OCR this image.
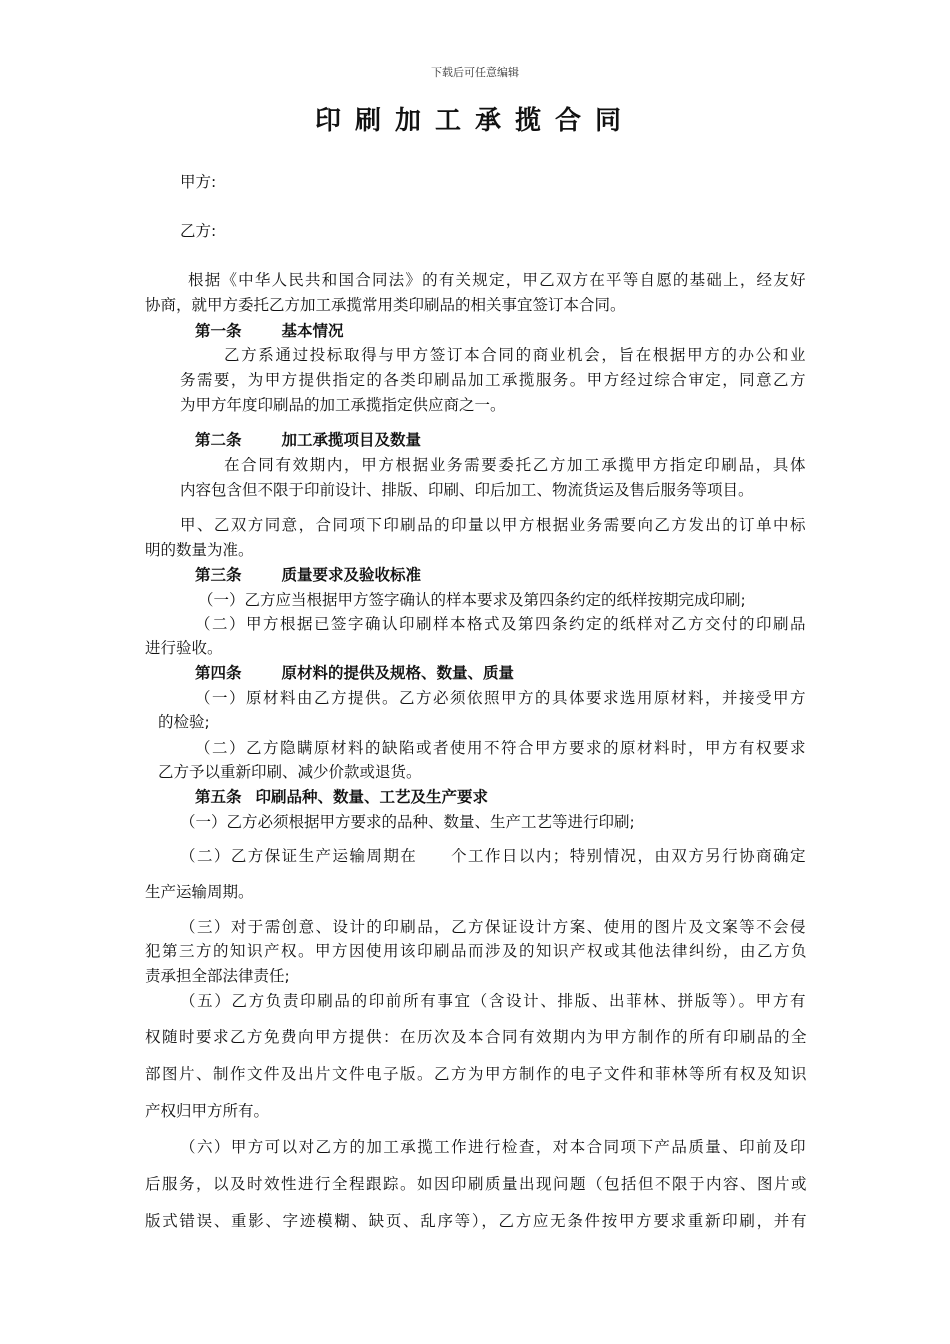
下载后可任意编辑
印刷加工承揽合同
甲方:
乙方:
根据《中华人民共和国合同法》的有关规定，甲乙双方在平等自愿的基础上，经友好
协商，就甲方委托乙方加工承揽常用类印刷品的相关事宜签订本合同。
第一条	基本情况
乙方系通过投标取得与甲方签订本合同的商业机会，旨在根据甲方的办公和业
务需要，为甲方提供指定的各类印刷品加工承揽服务。甲方经过综合审定，同意乙方
为甲方年度印刷品的加工承揽指定供应商之一。
第二条	加工承揽项目及数量
在合同有效期内，甲方根据业务需要委托乙方加工承揽甲方指定印刷品，具体
内容包含但不限于印前设计、排版、印刷、印后加工、物流货运及售后服务等项目。
甲、乙双方同意，合同项下印刷品的印量以甲方根据业务需要向乙方发出的订单中标
明的数量为准。
第三条	质量要求及验收标准
（一）乙方应当根据甲方签字确认的样本要求及第四条约定的纸样按期完成印刷;
（二）甲方根据已签字确认印刷样本格式及第四条约定的纸样对乙方交付的印刷品
进行验收。
第四条	原材料的提供及规格、数量、质量
（一）原材料由乙方提供。乙方必须依照甲方的具体要求选用原材料，并接受甲方
的检验;
（二）乙方隐瞒原材料的缺陷或者使用不符合甲方要求的原材料时，甲方有权要求
乙方予以重新印刷、减少价款或退货。
第五条 印刷品种、数量、工艺及生产要求
（一）乙方必须根据甲方要求的品种、数量、生产工艺等进行印刷;
（二）乙方保证生产运输周期在　　个工作日以内；特别情况，由双方另行协商确定
生产运输周期。
（三）对于需创意、设计的印刷品，乙方保证设计方案、使用的图片及文案等不会侵
犯第三方的知识产权。甲方因使用该印刷品而涉及的知识产权或其他法律纠纷，由乙方负
责承担全部法律责任;
（五）乙方负责印刷品的印前所有事宜（含设计、排版、出菲林、拼版等）。甲方有
权随时要求乙方免费向甲方提供：在历次及本合同有效期内为甲方制作的所有印刷品的全
部图片、制作文件及出片文件电子版。乙方为甲方制作的电子文件和菲林等所有权及知识
产权归甲方所有。
（六）甲方可以对乙方的加工承揽工作进行检查，对本合同项下产品质量、印前及印
后服务，以及时效性进行全程跟踪。如因印刷质量出现问题（包括但不限于内容、图片或
版式错误、重影、字迹模糊、缺页、乱序等），乙方应无条件按甲方要求重新印刷，并有
